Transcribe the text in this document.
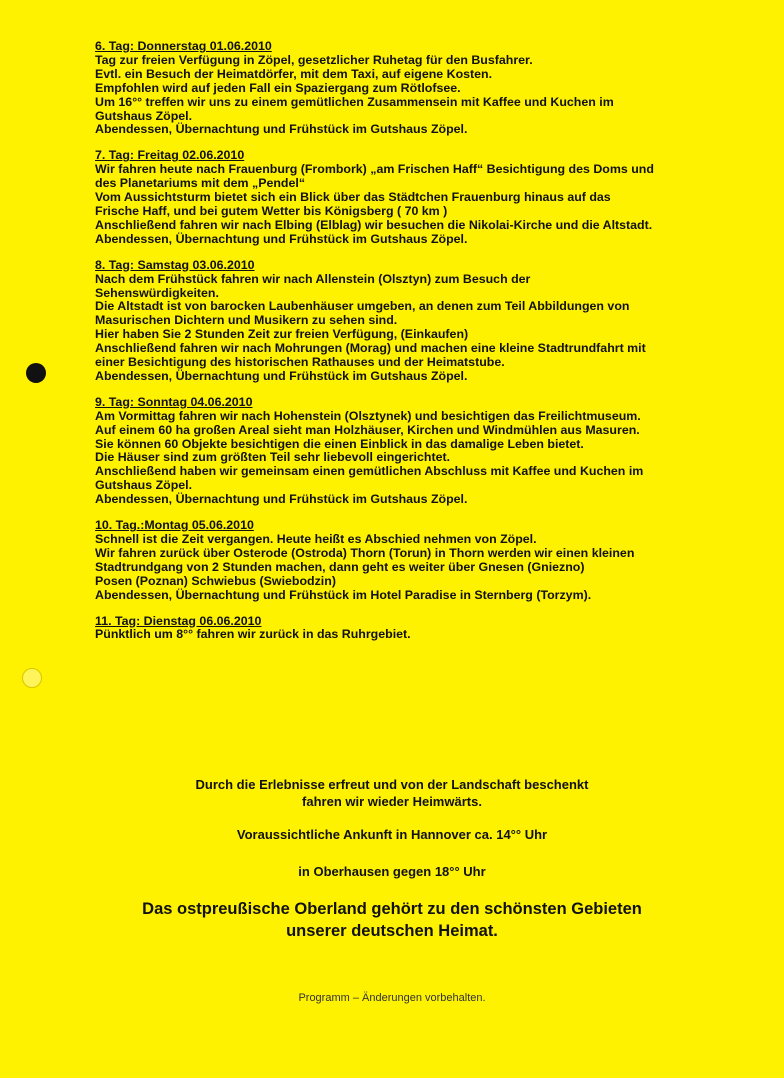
6. Tag: Donnerstag 01.06.2010
Tag zur freien Verfügung in Zöpel, gesetzlicher Ruhetag für den Busfahrer.
Evtl. ein Besuch der Heimatdörfer, mit dem Taxi, auf eigene Kosten.
Empfohlen wird auf jeden Fall ein Spaziergang zum Rötlofsee.
Um 16°° treffen wir uns zu einem gemütlichen Zusammensein mit Kaffee und Kuchen im
Gutshaus Zöpel.
Abendessen, Übernachtung und Frühstück im Gutshaus Zöpel.
7. Tag: Freitag 02.06.2010
Wir fahren heute nach Frauenburg (Frombork) „am Frischen Haff“ Besichtigung des Doms und
des Planetariums mit dem „Pendel“
Vom Aussichtsturm bietet sich ein Blick über das Städtchen Frauenburg hinaus auf das
Frische Haff, und bei gutem Wetter bis Königsberg ( 70 km )
Anschließend fahren wir nach Elbing (Elblag) wir besuchen die Nikolai-Kirche und die Altstadt.
Abendessen, Übernachtung und Frühstück im Gutshaus Zöpel.
8. Tag: Samstag 03.06.2010
Nach dem Frühstück fahren wir nach Allenstein (Olsztyn) zum Besuch der
Sehenswürdigkeiten.
Die Altstadt ist von barocken Laubenhäuser umgeben, an denen zum Teil Abbildungen von
Masurischen Dichtern und Musikern zu sehen sind.
Hier haben Sie 2 Stunden Zeit zur freien Verfügung, (Einkaufen)
Anschließend fahren wir nach Mohrungen (Morag) und machen eine kleine Stadtrundfahrt mit
einer Besichtigung des historischen Rathauses und der Heimatstube.
Abendessen, Übernachtung und Frühstück im Gutshaus Zöpel.
9. Tag: Sonntag 04.06.2010
Am Vormittag fahren wir nach Hohenstein (Olsztynek) und besichtigen das Freilichtmuseum.
Auf einem 60 ha großen Areal sieht man Holzhäuser, Kirchen und Windmühlen aus Masuren.
Sie können 60 Objekte besichtigen die einen Einblick in das damalige Leben bietet.
Die Häuser sind zum größten Teil sehr liebevoll eingerichtet.
Anschließend haben wir gemeinsam einen gemütlichen Abschluss mit Kaffee und Kuchen im
Gutshaus Zöpel.
Abendessen, Übernachtung und Frühstück im Gutshaus Zöpel.
10. Tag.:Montag 05.06.2010
Schnell ist die Zeit vergangen. Heute heißt es Abschied nehmen von Zöpel.
Wir fahren zurück über Osterode (Ostroda) Thorn (Torun) in Thorn werden wir einen kleinen
Stadtrundgang von 2 Stunden machen, dann geht es weiter über Gnesen (Gniezno)
Posen (Poznan) Schwiebus (Swiebodzin)
Abendessen, Übernachtung und Frühstück im Hotel Paradise in Sternberg (Torzym).
11. Tag: Dienstag 06.06.2010
Pünktlich um 8°° fahren wir zurück in das Ruhrgebiet.
Durch die Erlebnisse erfreut und von der Landschaft beschenkt
fahren wir wieder Heimwärts.
Voraussichtliche Ankunft in Hannover ca. 14°° Uhr
in Oberhausen gegen 18°° Uhr
Das ostpreußische Oberland gehört zu den schönsten Gebieten
unserer deutschen Heimat.
Programm – Änderungen vorbehalten.
